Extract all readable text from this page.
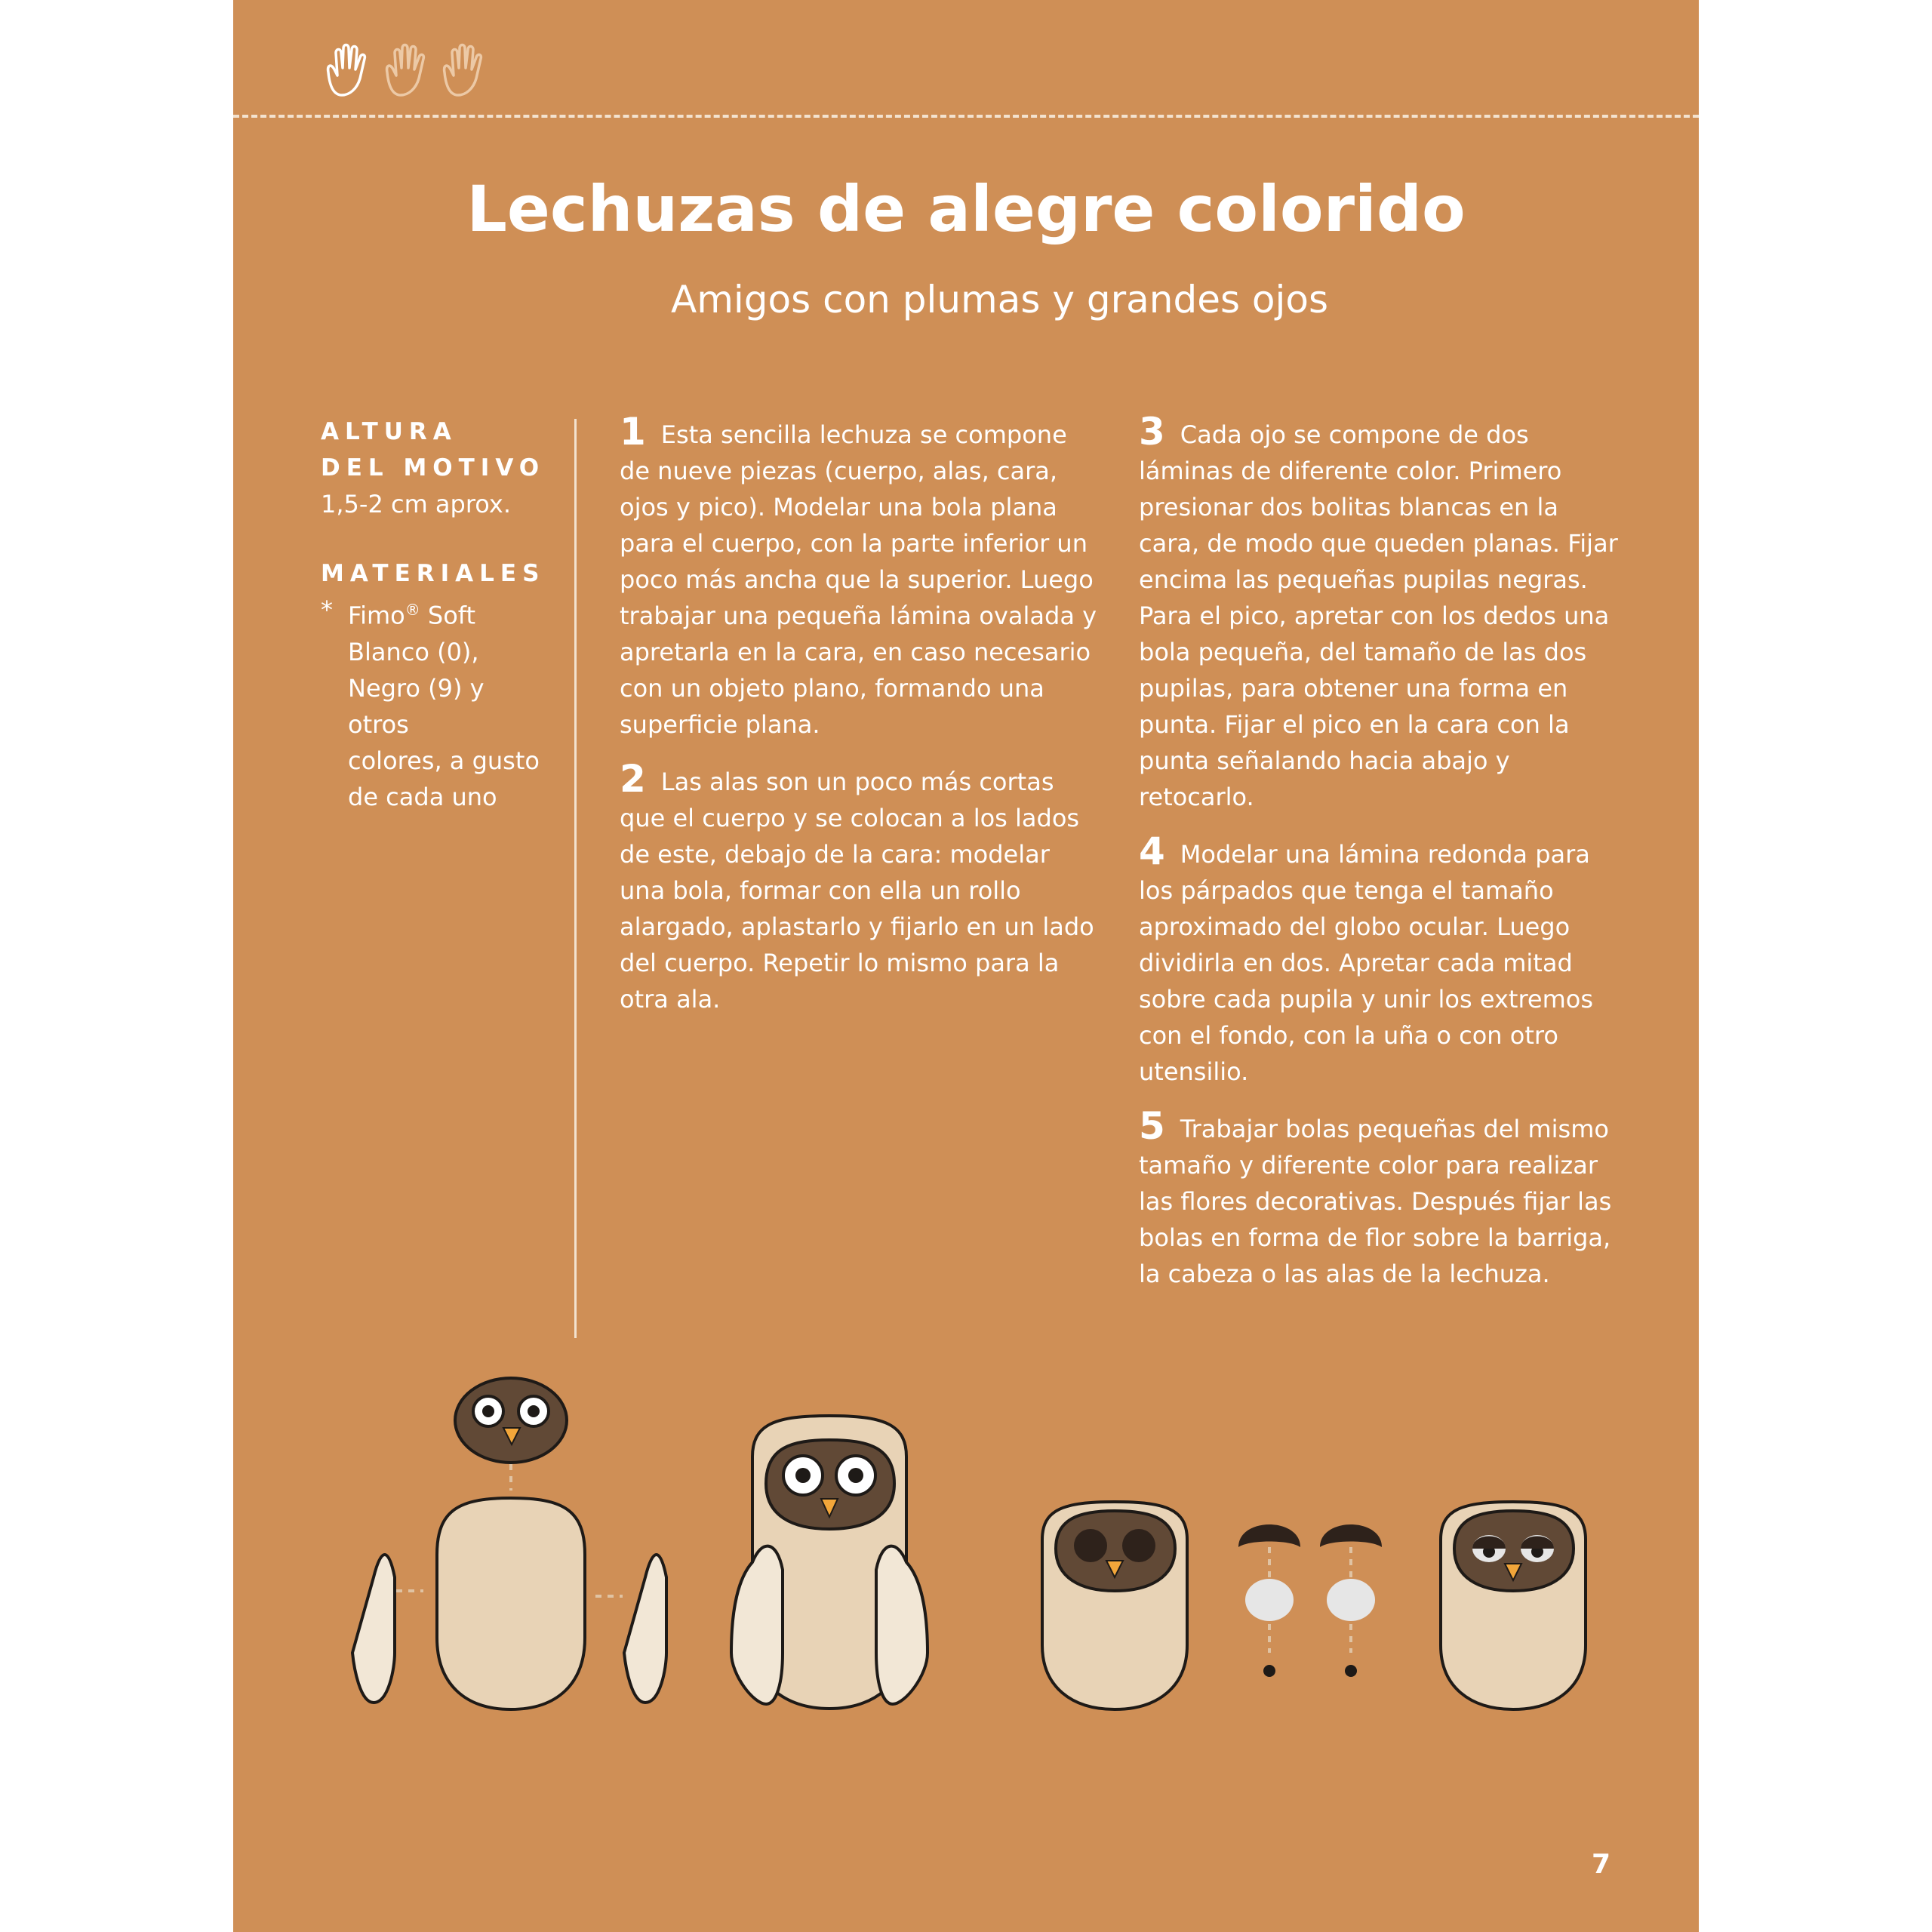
Lechuzas de alegre colorido
Amigos con plumas y grandes ojos
ALTURA
DEL MOTIVO
1,5-2 cm aprox.
MATERIALES
* Fimo® Soft
Blanco (0),
Negro (9) y otros
colores, a gusto
de cada uno

1 Esta sencilla lechuza se compone de nueve piezas (cuerpo, alas, cara, ojos y pico). Modelar una bola plana para el cuerpo, con la parte inferior un poco más ancha que la superior. Luego trabajar una pequeña lámina ovalada y apretarla en la cara, en caso necesario con un objeto plano, formando una superficie plana.

2 Las alas son un poco más cortas que el cuerpo y se colocan a los lados de este, debajo de la cara: modelar una bola, formar con ella un rollo alargado, aplastarlo y fijarlo en un lado del cuerpo. Repetir lo mismo para la otra ala.

3 Cada ojo se compone de dos láminas de diferente color. Primero presionar dos bolitas blancas en la cara, de modo que queden planas. Fijar encima las pequeñas pupilas negras. Para el pico, apretar con los dedos una bola pequeña, del tamaño de las dos pupilas, para obtener una forma en punta. Fijar el pico en la cara con la punta señalando hacia abajo y retocarlo.

4 Modelar una lámina redonda para los párpados que tenga el tamaño aproximado del globo ocular. Luego dividirla en dos. Apretar cada mitad sobre cada pupila y unir los extremos con el fondo, con la uña o con otro utensilio.

5 Trabajar bolas pequeñas del mismo tamaño y diferente color para realizar las flores decorativas. Después fijar las bolas en forma de flor sobre la barriga, la cabeza o las alas de la lechuza.

7
